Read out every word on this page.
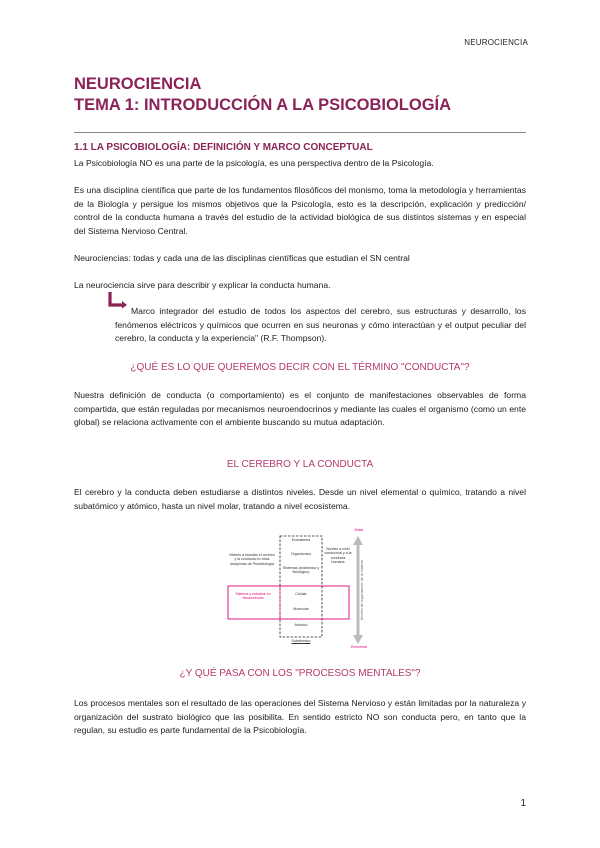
NEUROCIENCIA
NEUROCIENCIA
TEMA 1: INTRODUCCIÓN A LA PSICOBIOLOGÍA
1.1 LA PSICOBIOLOGÍA: DEFINICIÓN Y MARCO CONCEPTUAL
La Psicobiología NO es una parte de la psicología, es una perspectiva dentro de la Psicología.
Es una disciplina científica que parte de los fundamentos filosóficos del monismo, toma la metodología y herramientas de la Biología y persigue los mismos objetivos que la Psicología, esto es la descripción, explicación y predicción/ control de la conducta humana a través del estudio de la actividad biológica de sus distintos sistemas y en especial del Sistema Nervioso Central.
Neurociencias: todas y cada una de las disciplinas científicas que estudian el SN central
La neurociencia sirve para describir y explicar la conducta humana.
Marco integrador del estudio de todos los aspectos del cerebro, sus estructuras y desarrollo, los fenómenos eléctricos y químicos que ocurren en sus neuronas y cómo interactúan y el output peculiar del cerebro, la conducta y la experiencia" (R.F. Thompson).
¿QUÉ ES LO QUE QUEREMOS DECIR CON EL TÉRMINO "CONDUCTA"?
Nuestra definición de conducta (o comportamiento) es el conjunto de manifestaciones observables de forma compartida, que están reguladas por mecanismos neuroendocrinos y mediante las cuales el organismo (como un ente global) se relaciona activamente con el ambiente buscando su mutua adaptación.
EL CEREBRO Y LA CONDUCTA
El cerebro y la conducta deben estudiarse a distintos niveles. Desde un nivel elemental o químico, tratando a nivel subatómico y atómico, hasta un nivel molar, tratando a nivel ecosistema.
Ecosistema
Organísmico
Sistemas (anatómico y fisiológico)
Celular
Molecular
Atómico
Subatómico
Niveles a estudiar el cerebro y la conducta en otras disciplinas de Psicobiología
Sistema y estudios en Neurociencia
Niveles a nivel conductual y a la conducta humana
Molar
Elemental
Niveles de organización de la materia
¿Y QUÉ PASA CON LOS "PROCESOS MENTALES"?
Los procesos mentales son el resultado de las operaciones del Sistema Nervioso y están limitadas por la naturaleza y organización del sustrato biológico que las posibilita. En sentido estricto NO son conducta pero, en tanto que la regulan, su estudio es parte fundamental de la Psicobiología.
1
